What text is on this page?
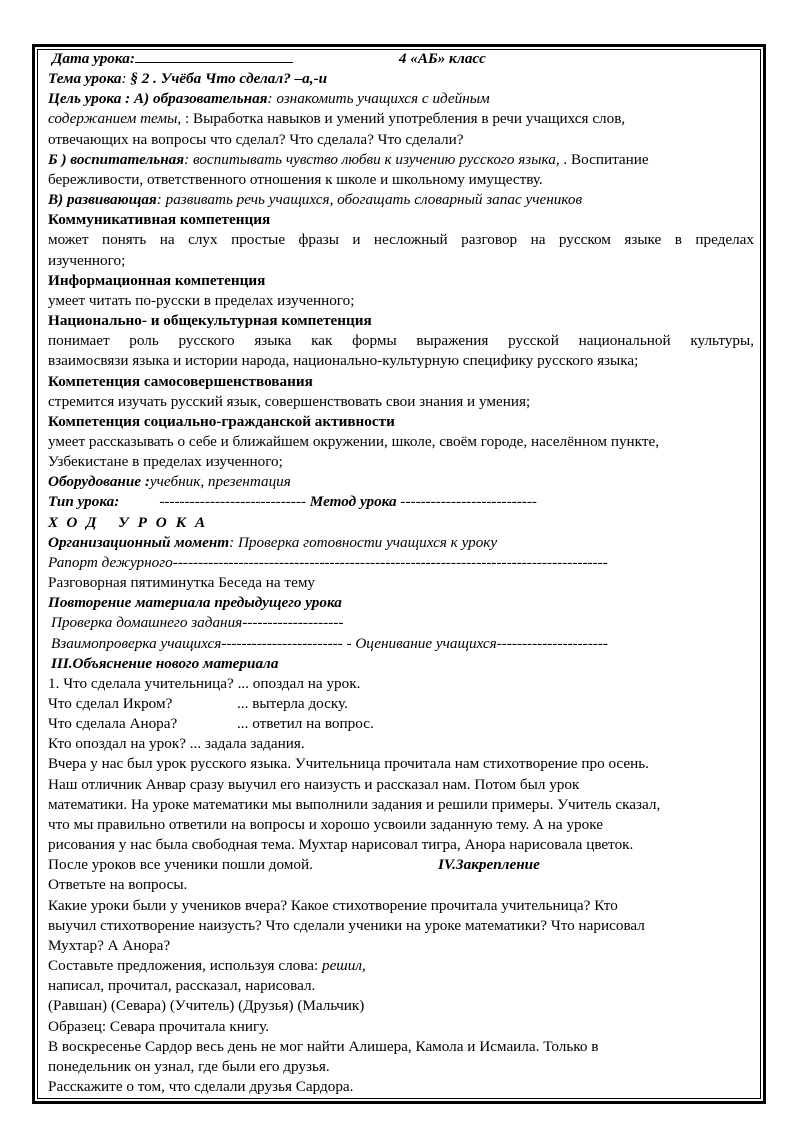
Дата урока:	4 «АБ» класс
Тема урока: § 2 . Учёба Что сделал? –а,-и
Цель урока : А) образовательная: ознакомить учащихся с идейным
содержанием темы, : Выработка навыков и умений употребления в речи учащихся слов,
отвечающих на вопросы что сделал? Что сделала? Что сделали?
Б ) воспитательная: воспитывать чувство любви к изучению русского языка, . Воспитание
бережливости, ответственного отношения к школе и школьному имуществу.
В) развивающая: развивать речь учащихся, обогащать словарный запас учеников
Коммуникативная компетенция
может понять на слух простые фразы и несложный разговор на русском языке в пределах
изученного;
Информационная компетенция
умеет читать по-русски в пределах изученного;
Национально- и общекультурная компетенция
понимает роль русского языка как формы выражения русской национальной культуры,
взаимосвязи языка и истории народа, национально-культурную специфику русского языка;
Компетенция самосовершенствования
стремится изучать русский язык, совершенствовать свои знания и умения;
Компетенция социально-гражданской активности
умеет рассказывать о себе и ближайшем окружении, школе, своём городе, населённом пункте,
Узбекистане в пределах изученного;
Оборудование :учебник, презентация
Тип урока:	----------------------------- Метод урока ---------------------------
ХОД УРОКА
Организационный момент: Проверка готовности учащихся к уроку
Рапорт дежурного--------------------------------------------------------------------------------------
Разговорная пятиминутка Беседа на тему
Повторение материала предыдущего урока
Проверка домашнего задания--------------------
Взаимопроверка учащихся------------------------ - Оценивание учащихся----------------------
III.Объяснение нового материала
1. Что сделала учительница? ... опоздал на урок.
Что сделал Икром?	... вытерла доску.
Что сделала Анора?	... ответил на вопрос.
Кто опоздал на урок? ... задала задания.
Вчера у нас был урок русского языка. Учительница прочитала нам стихотворение про осень.
Наш отличник Анвар сразу выучил его наизусть и рассказал нам. Потом был урок
математики. На уроке математики мы выполнили задания и решили примеры. Учитель сказал,
что мы правильно ответили на вопросы и хорошо усвоили заданную тему. А на уроке
рисования у нас была свободная тема. Мухтар нарисовал тигра, Анора нарисовала цветок.
После уроков все ученики пошли домой.	IV.Закрепление
Ответьте на вопросы.
Какие уроки были у учеников вчера? Какое стихотворение прочитала учительница? Кто
выучил стихотворение наизусть? Что сделали ученики на уроке математики? Что нарисовал
Мухтар? А Анора?
Составьте предложения, используя слова: решил,
написал, прочитал, рассказал, нарисовал.
(Равшан) (Севара) (Учитель) (Друзья) (Мальчик)
Образец: Севара прочитала книгу.
В воскресенье Сардор весь день не мог найти Алишера, Камола и Исмаила. Только в
понедельник он узнал, где были его друзья.
Расскажите о том, что сделали друзья Сардора.
